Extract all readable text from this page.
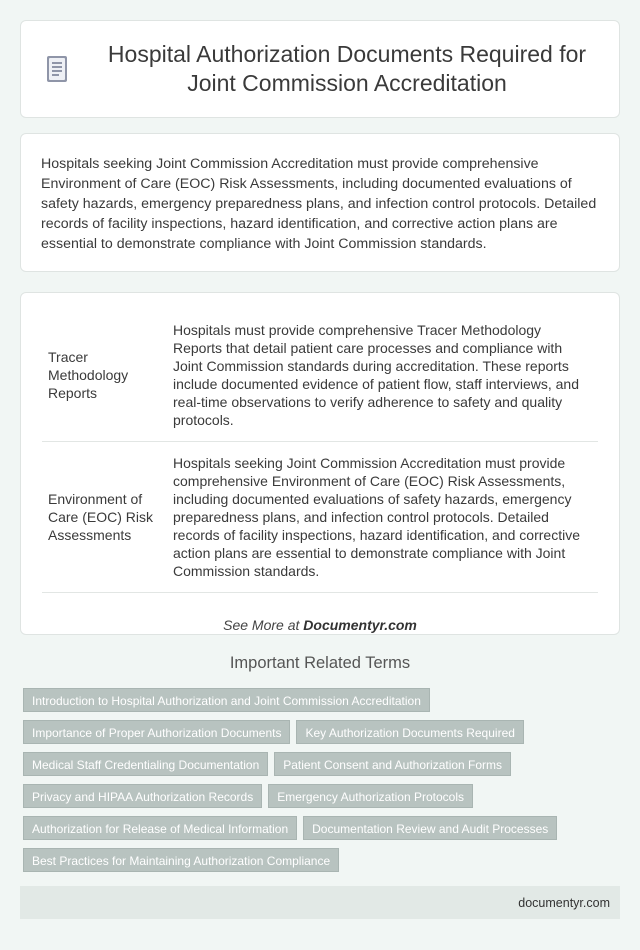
Hospital Authorization Documents Required for Joint Commission Accreditation

Hospitals seeking Joint Commission Accreditation must provide comprehensive Environment of Care (EOC) Risk Assessments, including documented evaluations of safety hazards, emergency preparedness plans, and infection control protocols. Detailed records of facility inspections, hazard identification, and corrective action plans are essential to demonstrate compliance with Joint Commission standards.

Tracer Methodology Reports	Hospitals must provide comprehensive Tracer Methodology Reports that detail patient care processes and compliance with Joint Commission standards during accreditation. These reports include documented evidence of patient flow, staff interviews, and real-time observations to verify adherence to safety and quality protocols.
Environment of Care (EOC) Risk Assessments	Hospitals seeking Joint Commission Accreditation must provide comprehensive Environment of Care (EOC) Risk Assessments, including documented evaluations of safety hazards, emergency preparedness plans, and infection control protocols. Detailed records of facility inspections, hazard identification, and corrective action plans are essential to demonstrate compliance with Joint Commission standards.
See More at Documentyr.com
Important Related Terms
Introduction to Hospital Authorization and Joint Commission Accreditation
Importance of Proper Authorization Documents	Key Authorization Documents Required
Medical Staff Credentialing Documentation	Patient Consent and Authorization Forms
Privacy and HIPAA Authorization Records	Emergency Authorization Protocols
Authorization for Release of Medical Information	Documentation Review and Audit Processes
Best Practices for Maintaining Authorization Compliance
documentyr.com
